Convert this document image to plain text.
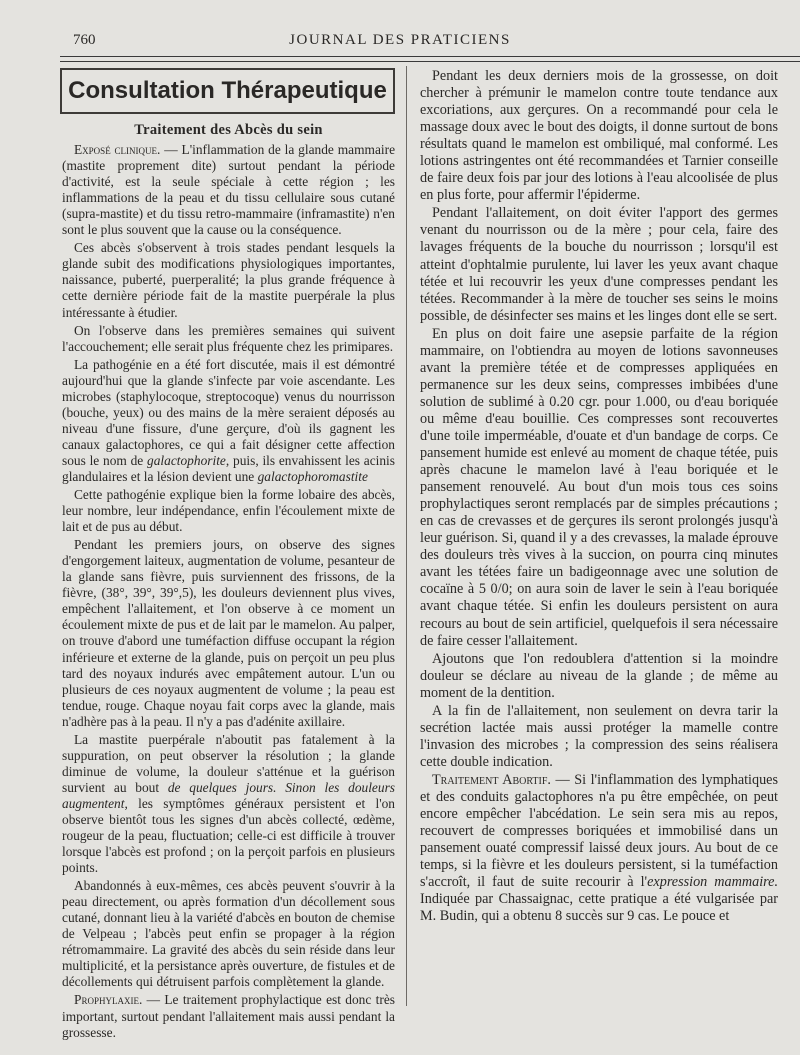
760	JOURNAL DES PRATICIENS
Consultation Thérapeutique
Traitement des Abcès du sein

Exposé clinique. — L'inflammation de la glande mammaire (mastite proprement dite) surtout pendant la période d'activité, est la seule spéciale à cette région ; les inflammations de la peau et du tissu cellulaire sous cutané (supra-mastite) et du tissu retro-mammaire (inframastite) n'en sont le plus souvent que la cause ou la conséquence.

Ces abcès s'observent à trois stades pendant lesquels la glande subit des modifications physiologiques importantes, naissance, puberté, puerperalité; la plus grande fréquence à cette dernière période fait de la mastite puerpérale la plus intéressante à étudier.

On l'observe dans les premières semaines qui suivent l'accouchement; elle serait plus fréquente chez les primipares.

La pathogénie en a été fort discutée, mais il est démontré aujourd'hui que la glande s'infecte par voie ascendante. Les microbes (staphylocoque, streptocoque) venus du nourrisson (bouche, yeux) ou des mains de la mère seraient déposés au niveau d'une fissure, d'une gerçure, d'où ils gagnent les canaux galactophores, ce qui a fait désigner cette affection sous le nom de galactophorite, puis, ils envahissent les acinis glandulaires et la lésion devient une galactophoromastite

Cette pathogénie explique bien la forme lobaire des abcès, leur nombre, leur indépendance, enfin l'écoulement mixte de lait et de pus au début.

Pendant les premiers jours, on observe des signes d'engorgement laiteux, augmentation de volume, pesanteur de la glande sans fièvre, puis surviennent des frissons, de la fièvre, (38°, 39°, 39°,5), les douleurs deviennent plus vives, empêchent l'allaitement, et l'on observe à ce moment un écoulement mixte de pus et de lait par le mamelon. Au palper, on trouve d'abord une tuméfaction diffuse occupant la région inférieure et externe de la glande, puis on perçoit un peu plus tard des noyaux indurés avec empâtement autour. L'un ou plusieurs de ces noyaux augmentent de volume ; la peau est tendue, rouge. Chaque noyau fait corps avec la glande, mais n'adhère pas à la peau. Il n'y a pas d'adénite axillaire.

La mastite puerpérale n'aboutit pas fatalement à la suppuration, on peut observer la résolution ; la glande diminue de volume, la douleur s'atténue et la guérison survient au bout de quelques jours. Sinon les douleurs augmentent, les symptômes généraux persistent et l'on observe bientôt tous les signes d'un abcès collecté, œdème, rougeur de la peau, fluctuation; celle-ci est difficile à trouver lorsque l'abcès est profond ; on la perçoit parfois en plusieurs points.

Abandonnés à eux-mêmes, ces abcès peuvent s'ouvrir à la peau directement, ou après formation d'un décollement sous cutané, donnant lieu à la variété d'abcès en bouton de chemise de Velpeau ; l'abcès peut enfin se propager à la région rétromammaire. La gravité des abcès du sein réside dans leur multiplicité, et la persistance après ouverture, de fistules et de décollements qui détruisent parfois complètement la glande.

Prophylaxie. — Le traitement prophylactique est donc très important, surtout pendant l'allaitement mais aussi pendant la grossesse.

Pendant les deux derniers mois de la grossesse, on doit chercher à prémunir le mamelon contre toute tendance aux excoriations, aux gerçures. On a recommandé pour cela le massage doux avec le bout des doigts, il donne surtout de bons résultats quand le mamelon est ombiliqué, mal conformé. Les lotions astringentes ont été recommandées et Tarnier conseille de faire deux fois par jour des lotions à l'eau alcoolisée de plus en plus forte, pour affermir l'épiderme.

Pendant l'allaitement, on doit éviter l'apport des germes venant du nourrisson ou de la mère ; pour cela, faire des lavages fréquents de la bouche du nourrisson ; lorsqu'il est atteint d'ophtalmie purulente, lui laver les yeux avant chaque tétée et lui recouvrir les yeux d'une compresses pendant les tétées. Recommander à la mère de toucher ses seins le moins possible, de désinfecter ses mains et les linges dont elle se sert.

En plus on doit faire une asepsie parfaite de la région mammaire, on l'obtiendra au moyen de lotions savonneuses avant la première tétée et de compresses appliquées en permanence sur les deux seins, compresses imbibées d'une solution de sublimé à 0.20 cgr. pour 1.000, ou d'eau boriquée ou même d'eau bouillie. Ces compresses sont recouvertes d'une toile imperméable, d'ouate et d'un bandage de corps. Ce pansement humide est enlevé au moment de chaque tétée, puis après chacune le mamelon lavé à l'eau boriquée et le pansement renouvelé. Au bout d'un mois tous ces soins prophylactiques seront remplacés par de simples précautions ; en cas de crevasses et de gerçures ils seront prolongés jusqu'à leur guérison. Si, quand il y a des crevasses, la malade éprouve des douleurs très vives à la succion, on pourra cinq minutes avant les tétées faire un badigeonnage avec une solution de cocaïne à 5 0/0; on aura soin de laver le sein à l'eau boriquée avant chaque tétée. Si enfin les douleurs persistent on aura recours au bout de sein artificiel, quelquefois il sera nécessaire de faire cesser l'allaitement.

Ajoutons que l'on redoublera d'attention si la moindre douleur se déclare au niveau de la glande ; de même au moment de la dentition.

A la fin de l'allaitement, non seulement on devra tarir la secrétion lactée mais aussi protéger la mamelle contre l'invasion des microbes ; la compression des seins réalisera cette double indication.

Traitement Abortif. — Si l'inflammation des lymphatiques et des conduits galactophores n'a pu être empêchée, on peut encore empêcher l'abcédation. Le sein sera mis au repos, recouvert de compresses boriquées et immobilisé dans un pansement ouaté compressif laissé deux jours. Au bout de ce temps, si la fièvre et les douleurs persistent, si la tuméfaction s'accroît, il faut de suite recourir à l'expression mammaire. Indiquée par Chassaignac, cette pratique a été vulgarisée par M. Budin, qui a obtenu 8 succès sur 9 cas. Le pouce et
